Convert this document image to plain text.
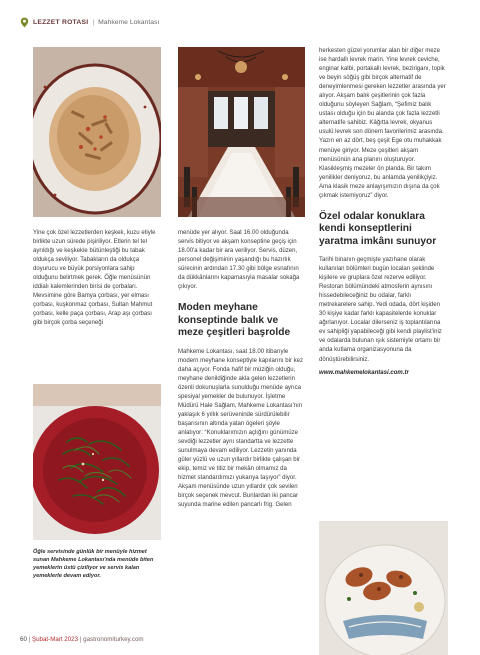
LEZZET ROTASI | Mahkeme Lokantası

Yine çok özel lezzetlerden keşkek, kuzu etiyle birlikte uzun sürede pişiriliyor. Etlerin tel tel ayrıldığı ve keşkekle bütünleştiği bu tabak oldukça seviliyor. Tabakların da oldukça doyurucu ve büyük porsiyonlara sahip olduğunu belirtmek gerek. Öğle menüsünün iddialı kalemlerinden birisi de çorbaları. Mevsimine göre Bamya çorbası, yer elması çorbası, kuşkonmaz çorbası, Sultan Mahmut çorbası, kelle paça çorbası, Arap aşı çorbası gibi birçok çorba seçeneği

Öğle servisinde günlük bir menüyle hizmet sunan Mahkeme Lokantası'nda menüde biten yemeklerin üstü çiziliyor ve servis kalan yemeklerle devam ediyor.

menüde yer alıyor. Saat 16.00 olduğunda servis bitiyor ve akşam konseptine geçiş için 18.00'a kadar bir ara veriliyor. Servis, düzen, personel değişiminin yaşandığı bu hazırlık sürecinin ardından 17.30 gibi bölge esnafının da dükkânlarını kapamasıyla masalar sokağa çıkıyor.

Moden meyhane konseptinde balık ve meze çeşitleri başrolde

Mahkeme Lokantası, saat 18.00 itibarıyle modern meyhane konseptiyle kapılarını bir kez daha açıyor. Fonda hafif bir müziğin olduğu, meyhane denildiğinde akla gelen lezzetlerin özenli dokunuşlarla sunulduğu menüde ayrıca spesiyal yemekler de bulunuyor. İşletme Müdürü Hale Sağlam, Mahkeme Lokantası'nın yaklaşık 6 yıllık serüveninde sürdürülebilir başarısının altında yatan ögeleri şöyle anlatıyor: “Konuklarımızın açlığını günümüze sevdiği lezzetler aynı standartta ve lezzette sunulmaya devam ediliyor. Lezzetin yanında güler yüzlü ve uzun yıllardır birlikte çalışan bir ekip, temiz ve titiz bir mekân olmamız da hizmet standardımızı yukarıya taşıyor” diyor. Akşam menüsünde uzun yıllardır çok sevilen birçok seçenek mevcut. Bunlardan iki pancar suyunda marine edilen pancarlı frig. Gelen

herkesten güzel yorumlar alan bir diğer meze ise hardallı levrek marin. Yine levrek ceviche, enginar kalbi, portakallı levrek, beziriganı, topik ve beyin söğüş gibi birçok alternatif de deneyimlenmesi gereken lezzetler arasında yer alıyor. Akşam balık çeşitlerinin çok fazla olduğunu söyleyen Sağlam, “Şefimiz balık ustası olduğu için bu alanda çok fazla lezzetli alternatife sahibiz. Kâğıtta levrek, okyanus usulü levrek son dönem favorilerimiz arasında. Yazın en az dört, beş çeşit Ege otu muhakkak menüye giriyor. Meze çeşitleri akşam menüsünün ana planını oluşturuyor. Klasikleşmiş mezeler ön planda. Bir takım yenilikler deniyoruz, bu anlamda yenilikçiyiz. Ama klasik meze anlayışımızın dışına da çok çıkmak istemiyoruz” diyor.

Özel odalar konuklara kendi konseptlerini yaratma imkânı sunuyor

Tarihi binanın geçmişte yazıhane olarak kullanılan bölümleri bugün locaları şeklinde kişilere ve gruplara özel rezerve ediliyor. Restoran bölümündeki atmosferin aynısını hissedebileceğiniz bu odalar, farklı metrekarelere sahip. Yedi odada, dört kişiden 30 kişiye kadar farklı kapasitelerde konuklar ağırlanıyor. Localar dilerseniz iş toplantılarına ev sahipliği yapabileceği gibi kendi playlist'iniz ve odalarda bulunan ışık sistemiyle ortamı bir anda kutlama organizasyonuna da dönüştürebilirsiniz.

www.mahkemelokantasi.com.tr

60 | Şubat-Mart 2023 | gastronomiturkey.com
